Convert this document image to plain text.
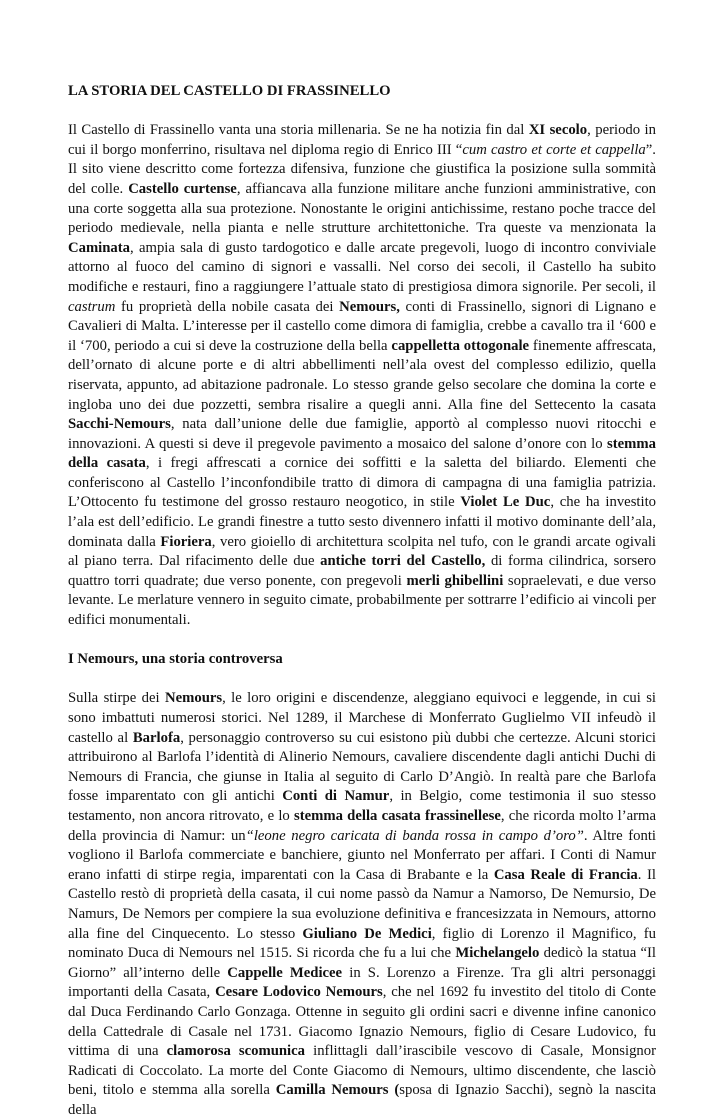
LA STORIA DEL CASTELLO DI FRASSINELLO

Il Castello di Frassinello vanta una storia millenaria. Se ne ha notizia fin dal XI secolo, periodo in cui il borgo monferrino, risultava nel diploma regio di Enrico III “cum castro et corte et cappella”. Il sito viene descritto come fortezza difensiva, funzione che giustifica la posizione sulla sommità del colle. Castello curtense, affiancava alla funzione militare anche funzioni amministrative, con una corte soggetta alla sua protezione. Nonostante le origini antichissime, restano poche tracce del periodo medievale, nella pianta e nelle strutture architettoniche. Tra queste va menzionata la Caminata, ampia sala di gusto tardogotico e dalle arcate pregevoli, luogo di incontro conviviale attorno al fuoco del camino di signori e vassalli. Nel corso dei secoli, il Castello ha subito modifiche e restauri, fino a raggiungere l’attuale stato di prestigiosa dimora signorile. Per secoli, il castrum fu proprietà della nobile casata dei Nemours, conti di Frassinello, signori di Lignano e Cavalieri di Malta. L’interesse per il castello come dimora di famiglia, crebbe a cavallo tra il ‘600 e il ‘700, periodo a cui si deve la costruzione della bella cappelletta ottogonale finemente affrescata, dell’ornato di alcune porte e di altri abbellimenti nell’ala ovest del complesso edilizio, quella riservata, appunto, ad abitazione padronale. Lo stesso grande gelso secolare che domina la corte e ingloba uno dei due pozzetti, sembra risalire a quegli anni. Alla fine del Settecento la casata Sacchi-Nemours, nata dall’unione delle due famiglie, apportò al complesso nuovi ritocchi e innovazioni. A questi si deve il pregevole pavimento a mosaico del salone d’onore con lo stemma della casata, i fregi affrescati a cornice dei soffitti e la saletta del biliardo. Elementi che conferiscono al Castello l’inconfondibile tratto di dimora di campagna di una famiglia patrizia. L’Ottocento fu testimone del grosso restauro neogotico, in stile Violet Le Duc, che ha investito l’ala est dell’edificio. Le grandi finestre a tutto sesto divennero infatti il motivo dominante dell’ala, dominata dalla Fioriera, vero gioiello di architettura scolpita nel tufo, con le grandi arcate ogivali al piano terra. Dal rifacimento delle due antiche torri del Castello, di forma cilindrica, sorsero quattro torri quadrate; due verso ponente, con pregevoli merli ghibellini sopraelevati, e due verso levante. Le merlature vennero in seguito cimate, probabilmente per sottrarre l’edificio ai vincoli per edifici monumentali.

I Nemours, una storia controversa

Sulla stirpe dei Nemours, le loro origini e discendenze, aleggiano equivoci e leggende, in cui si sono imbattuti numerosi storici. Nel 1289, il Marchese di Monferrato Guglielmo VII infeudò il castello al Barlofa, personaggio controverso su cui esistono più dubbi che certezze. Alcuni storici attribuirono al Barlofa l’identità di Alinerio Nemours, cavaliere discendente dagli antichi Duchi di Nemours di Francia, che giunse in Italia al seguito di Carlo D’Angiò. In realtà pare che Barlofa fosse imparentato con gli antichi Conti di Namur, in Belgio, come testimonia il suo stesso testamento, non ancora ritrovato, e lo stemma della casata frassinellese, che ricorda molto l’arma della provincia di Namur: un“leone negro caricata di banda rossa in campo d’oro”. Altre fonti vogliono il Barlofa commerciate e banchiere, giunto nel Monferrato per affari. I Conti di Namur erano infatti di stirpe regia, imparentati con la Casa di Brabante e la Casa Reale di Francia. Il Castello restò di proprietà della casata, il cui nome passò da Namur a Namorso, De Nemursio, De Namurs, De Nemors per compiere la sua evoluzione definitiva e francesizzata in Nemours, attorno alla fine del Cinquecento. Lo stesso Giuliano De Medici, figlio di Lorenzo il Magnifico, fu nominato Duca di Nemours nel 1515. Si ricorda che fu a lui che Michelangelo dedicò la statua “Il Giorno” all’interno delle Cappelle Medicee in S. Lorenzo a Firenze. Tra gli altri personaggi importanti della Casata, Cesare Lodovico Nemours, che nel 1692 fu investito del titolo di Conte dal Duca Ferdinando Carlo Gonzaga. Ottenne in seguito gli ordini sacri e divenne infine canonico della Cattedrale di Casale nel 1731. Giacomo Ignazio Nemours, figlio di Cesare Ludovico, fu vittima di una clamorosa scomunica inflittagli dall’irascibile vescovo di Casale, Monsignor Radicati di Coccolato. La morte del Conte Giacomo di Nemours, ultimo discendente, che lasciò beni, titolo e stemma alla sorella Camilla Nemours (sposa di Ignazio Sacchi), segnò la nascita della
